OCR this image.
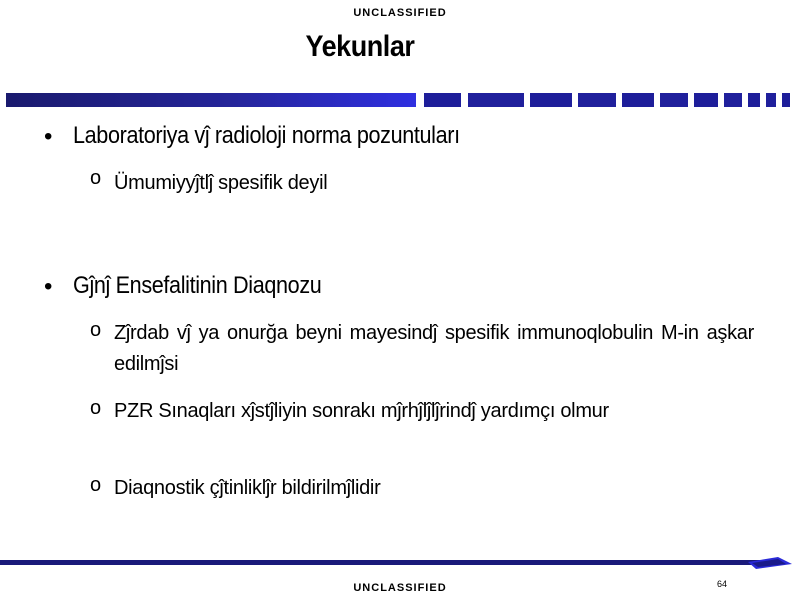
UNCLASSIFIED
Yekunlar
• Laboratoriya vĵ radioloji norma pozuntuları
o Ümumiyyĵtlĵ spesifik deyil
• Gĵnĵ Ensefalitinin Diaqnozu
o Zĵrdab vĵ ya onurğa beyni mayesindĵ spesifik immunoqlobulin M-in aşkar edilmĵsi
o PZR Sınaqları xĵstĵliyin sonrakı mĵrhĵlĵlĵrindĵ yardımçı olmur
o Diaqnostik çĵtinliklĵr bildirilmĵlidir
64
UNCLASSIFIED
